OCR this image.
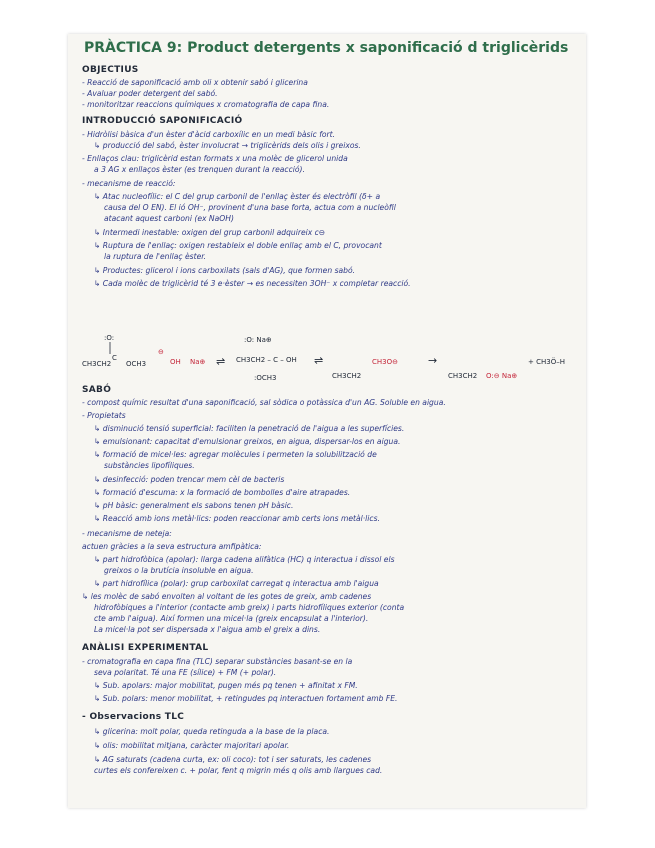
PRÀCTICA 9: Product detergents x saponificació d triglicèrids
OBJECTIUS
- Reacció de saponificació amb oli x obtenir sabó i glicerina
- Avaluar poder detergent del sabó.
- monitoritzar reaccions químiques x cromatografia de capa fina.
INTRODUCCIÓ SAPONIFICACIÓ
- Hidròlisi bàsica d'un èster d'àcid carboxílic en un medi bàsic fort.
↳ producció del sabó, èster involucrat → triglicèrids dels olis i greixos.
- Enllaços clau: triglicèrid estan formats x una molèc de glicerol unida
a 3 AG x enllaços èster (es trenquen durant la reacció).
- mecanisme de reacció:
↳ Atac nucleofílic: el C del grup carbonil de l'enllaç èster és electròfil (δ+ a
causa del O EN). El ió OH⁻, provinent d'una base forta, actua com a nucleòfil
atacant aquest carboni (ex NaOH)
↳ Intermedi inestable: oxigen del grup carbonil adquireix c⊖
↳ Ruptura de l'enllaç: oxigen restableix el doble enllaç amb el C, provocant
la ruptura de l'enllaç èster.
↳ Productes: glicerol i ions carboxilats (sals d'AG), que formen sabó.
↳ Cada molèc de triglicèrid té 3 e·èster → es necessiten 3OH⁻ x completar reacció.
:O:
CH3CH2
C
OCH3
⊖
OH Na⊕ ⇌
:O: Na⊕
CH3CH2 – C – OH
:OCH3
⇌
CH3CH2
CH3O⊖	→
CH3CH2 O:⊖ Na⊕
+ CH3Ö–H
SABÓ
- compost químic resultat d'una saponificació, sal sòdica o potàssica d'un AG. Soluble en aigua.
- Propietats
↳ disminució tensió superficial: faciliten la penetració de l'aigua a les superfícies.
↳ emulsionant: capacitat d'emulsionar greixos, en aigua, dispersar-los en aigua.
↳ formació de micel·les: agregar molècules i permeten la solubilització de
substàncies lipofíliques.
↳ desinfecció: poden trencar mem cèl de bacteris
↳ formació d'escuma: x la formació de bombolles d'aire atrapades.
↳ pH bàsic: generalment els sabons tenen pH bàsic.
↳ Reacció amb ions metàl·lics: poden reaccionar amb certs ions metàl·lics.
- mecanisme de neteja:
actuen gràcies a la seva estructura amfipàtica:
↳ part hidrofòbica (apolar): llarga cadena alifàtica (HC) q interactua i dissol els
greixos o la brutícia insoluble en aigua.
↳ part hidrofílica (polar): grup carboxilat carregat q interactua amb l'aigua
↳ les molèc de sabó envolten al voltant de les gotes de greix, amb cadenes
hidrofòbiques a l'interior (contacte amb greix) i parts hidrofíliques exterior (conta
cte amb l'aigua). Així formen una micel·la (greix encapsulat a l'interior).
La micel·la pot ser dispersada x l'aigua amb el greix a dins.
ANÀLISI EXPERIMENTAL
- cromatografia en capa fina (TLC) separar substàncies basant-se en la
seva polaritat. Té una FE (sílice) + FM (+ polar).
↳ Sub. apolars: major mobilitat, pugen més pq tenen + afinitat x FM.
↳ Sub. polars: menor mobilitat, + retingudes pq interactuen fortament amb FE.
- Observacions TLC
↳ glicerina: molt polar, queda retinguda a la base de la placa.
↳ olis: mobilitat mitjana, caràcter majoritari apolar.
↳ AG saturats (cadena curta, ex: oli coco): tot i ser saturats, les cadenes
curtes els confereixen c. + polar, fent q migrin més q olis amb llargues cad.
